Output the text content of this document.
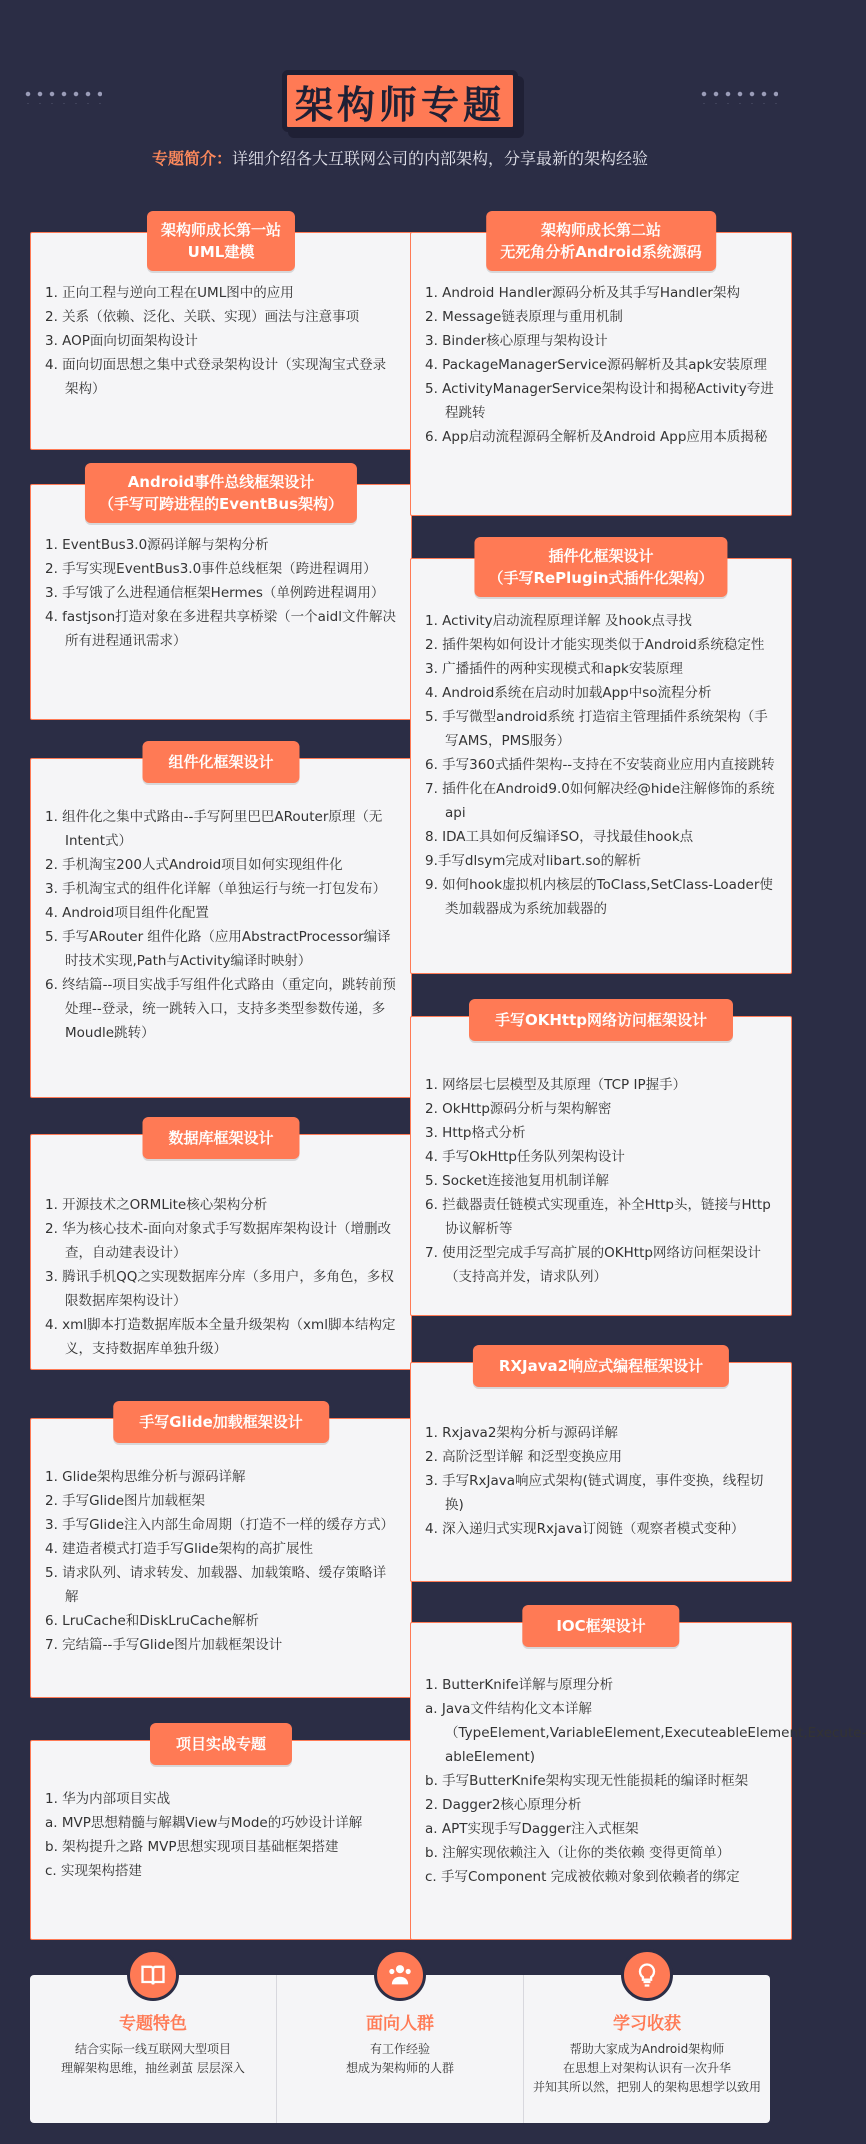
架构师专题
专题简介：详细介绍各大互联网公司的内部架构，分享最新的架构经验
架构师成长第一站
UML建模
1. 正向工程与逆向工程在UML图中的应用
2. 关系（依赖、泛化、关联、实现）画法与注意事项
3. AOP面向切面架构设计
4. 面向切面思想之集中式登录架构设计（实现淘宝式登录架构）
Android事件总线框架设计
（手写可跨进程的EventBus架构）
1. EventBus3.0源码详解与架构分析
2. 手写实现EventBus3.0事件总线框架（跨进程调用）
3. 手写饿了么进程通信框架Hermes（单例跨进程调用）
4. fastjson打造对象在多进程共享桥梁（一个aidl文件解决所有进程通讯需求）
组件化框架设计
1. 组件化之集中式路由--手写阿里巴巴ARouter原理（无Intent式）
2. 手机淘宝200人式Android项目如何实现组件化
3. 手机淘宝式的组件化详解（单独运行与统一打包发布）
4. Android项目组件化配置
5. 手写ARouter 组件化路（应用AbstractProcessor编译时技术实现,Path与Activity编译时映射）
6. 终结篇--项目实战手写组件化式路由（重定向，跳转前预处理--登录，统一跳转入口，支持多类型参数传递，多Moudle跳转）
数据库框架设计
1. 开源技术之ORMLite核心架构分析
2. 华为核心技术-面向对象式手写数据库架构设计（增删改查，自动建表设计）
3. 腾讯手机QQ之实现数据库分库（多用户，多角色，多权限数据库架构设计）
4. xml脚本打造数据库版本全量升级架构（xml脚本结构定义，支持数据库单独升级）
手写Glide加载框架设计
1. Glide架构思维分析与源码详解
2. 手写Glide图片加载框架
3. 手写Glide注入内部生命周期（打造不一样的缓存方式）
4. 建造者模式打造手写Glide架构的高扩展性
5. 请求队列、请求转发、加载器、加载策略、缓存策略详解
6. LruCache和DiskLruCache解析
7. 完结篇--手写Glide图片加载框架设计
项目实战专题
1. 华为内部项目实战
a. MVP思想精髓与解耦View与Mode的巧妙设计详解
b. 架构提升之路 MVP思想实现项目基础框架搭建
c. 实现架构搭建
架构师成长第二站
无死角分析Android系统源码
1. Android Handler源码分析及其手写Handler架构
2. Message链表原理与重用机制
3. Binder核心原理与架构设计
4. PackageManagerService源码解析及其apk安装原理
5. ActivityManagerService架构设计和揭秘Activity夸进程跳转
6. App启动流程源码全解析及Android App应用本质揭秘
插件化框架设计
（手写RePlugin式插件化架构）
1. Activity启动流程原理详解 及hook点寻找
2. 插件架构如何设计才能实现类似于Android系统稳定性
3. 广播插件的两种实现模式和apk安装原理
4. Android系统在启动时加载App中so流程分析
5. 手写微型android系统 打造宿主管理插件系统架构（手写AMS，PMS服务）
6. 手写360式插件架构--支持在不安装商业应用内直接跳转
7. 插件化在Android9.0如何解决经@hide注解修饰的系统api
8. IDA工具如何反编译SO，寻找最佳hook点
9.手写dlsym完成对libart.so的解析
9. 如何hook虚拟机内核层的ToClass,SetClass-Loader使类加载器成为系统加载器的
手写OKHttp网络访问框架设计
1. 网络层七层模型及其原理（TCP IP握手）
2. OkHttp源码分析与架构解密
3. Http格式分析
4. 手写OkHttp任务队列架构设计
5. Socket连接池复用机制详解
6. 拦截器责任链模式实现重连，补全Http头，链接与Http协议解析等
7. 使用泛型完成手写高扩展的OKHttp网络访问框架设计（支持高并发，请求队列）
RXJava2响应式编程框架设计
1. Rxjava2架构分析与源码详解
2. 高阶泛型详解 和泛型变换应用
3. 手写RxJava响应式架构(链式调度，事件变换，线程切换)
4. 深入递归式实现Rxjava订阅链（观察者模式变种）
IOC框架设计
1. ButterKnife详解与原理分析
a. Java文件结构化文本详解（TypeElement,VariableElement,ExecuteableElement,Execute-ableElement)
b. 手写ButterKnife架构实现无性能损耗的编译时框架
2. Dagger2核心原理分析
a. APT实现手写Dagger注入式框架
b. 注解实现依赖注入（让你的类依赖 变得更简单）
c. 手写Component 完成被依赖对象到依赖者的绑定
专题特色
结合实际一线互联网大型项目
理解架构思维，抽丝剥茧 层层深入
面向人群
有工作经验
想成为架构师的人群
学习收获
帮助大家成为Android架构师
在思想上对架构认识有一次升华
并知其所以然，把别人的架构思想学以致用
